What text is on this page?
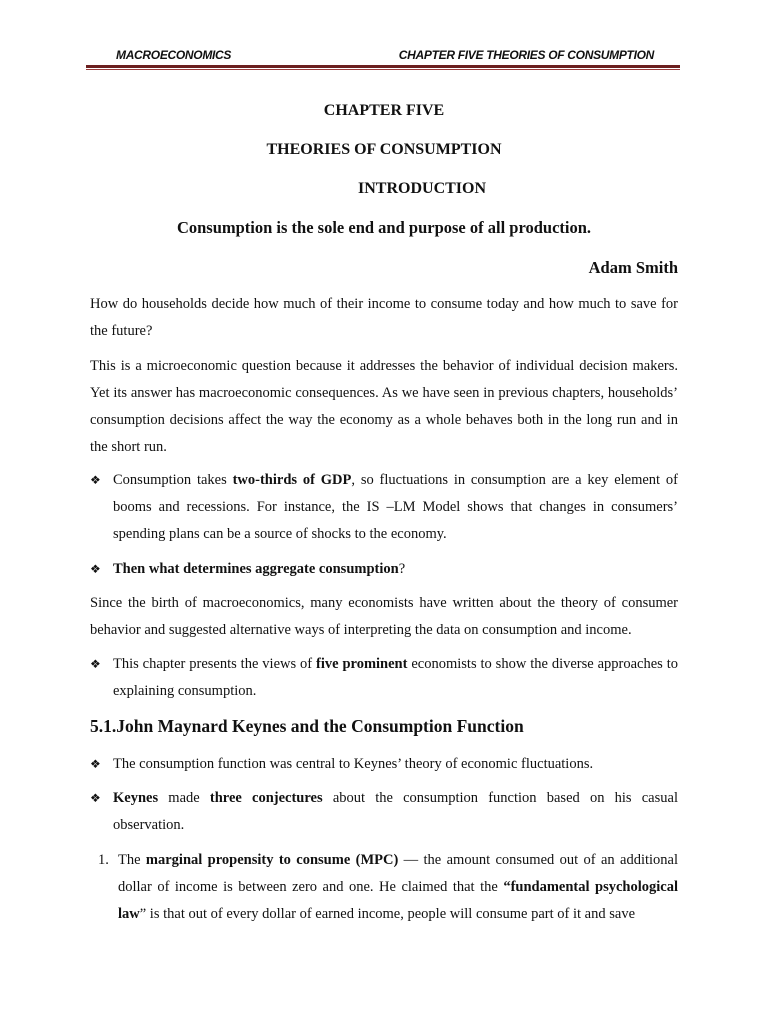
MACROECONOMICS	CHAPTER FIVE THEORIES OF CONSUMPTION
CHAPTER FIVE
THEORIES OF CONSUMPTION
INTRODUCTION
Consumption is the sole end and purpose of all production.
Adam Smith

How do households decide how much of their income to consume today and how much to save for the future?

This is a microeconomic question because it addresses the behavior of individual decision makers. Yet its answer has macroeconomic consequences. As we have seen in previous chapters, households’ consumption decisions affect the way the economy as a whole behaves both in the long run and in the short run.

❖ Consumption takes two-thirds of GDP, so fluctuations in consumption are a key element of booms and recessions. For instance, the IS –LM Model shows that changes in consumers’ spending plans can be a source of shocks to the economy.
❖ Then what determines aggregate consumption?

Since the birth of macroeconomics, many economists have written about the theory of consumer behavior and suggested alternative ways of interpreting the data on consumption and income.

❖ This chapter presents the views of five prominent economists to show the diverse approaches to explaining consumption.
5.1.John Maynard Keynes and the Consumption Function
❖ The consumption function was central to Keynes’ theory of economic fluctuations.
❖ Keynes made three conjectures about the consumption function based on his casual observation.
1. The marginal propensity to consume (MPC) — the amount consumed out of an additional dollar of income is between zero and one. He claimed that the “fundamental psychological law” is that out of every dollar of earned income, people will consume part of it and save
